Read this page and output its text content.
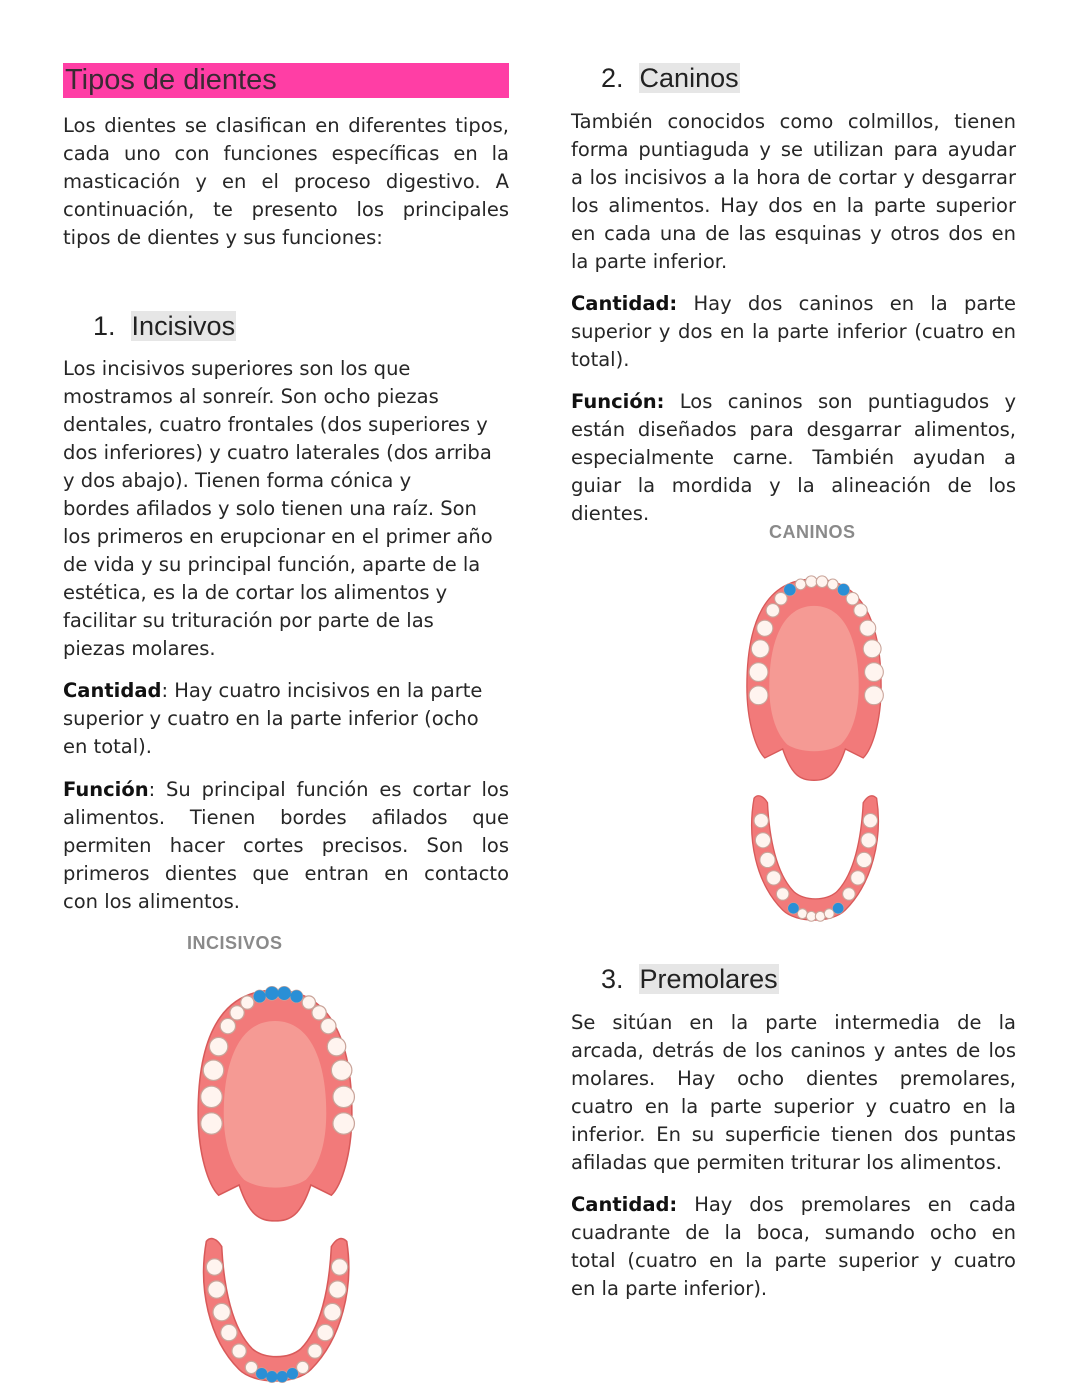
Tipos de dientes
Los dientes se clasifican en diferentes tipos,
cada uno con funciones específicas en la
masticación y en el proceso digestivo. A
continuación, te presento los principales
tipos de dientes y sus funciones:
1. Incisivos
Los incisivos superiores son los que
mostramos al sonreír. Son ocho piezas
dentales, cuatro frontales (dos superiores y
dos inferiores) y cuatro laterales (dos arriba
y dos abajo). Tienen forma cónica y
bordes afilados y solo tienen una raíz. Son
los primeros en erupcionar en el primer año
de vida y su principal función, aparte de la
estética, es la de cortar los alimentos y
facilitar su trituración por parte de las
piezas molares.
Cantidad: Hay cuatro incisivos en la parte
superior y cuatro en la parte inferior (ocho
en total).
Función: Su principal función es cortar los
alimentos. Tienen bordes afilados que
permiten hacer cortes precisos. Son los
primeros dientes que entran en contacto
con los alimentos.
INCISIVOS
2. Caninos
También conocidos como colmillos, tienen
forma puntiaguda y se utilizan para ayudar
a los incisivos a la hora de cortar y desgarrar
los alimentos. Hay dos en la parte superior
en cada una de las esquinas y otros dos en
la parte inferior.
Cantidad: Hay dos caninos en la parte
superior y dos en la parte inferior (cuatro en
total).
Función: Los caninos son puntiagudos y
están diseñados para desgarrar alimentos,
especialmente carne. También ayudan a
guiar la mordida y la alineación de los
dientes.
CANINOS
3. Premolares
Se sitúan en la parte intermedia de la
arcada, detrás de los caninos y antes de los
molares. Hay ocho dientes premolares,
cuatro en la parte superior y cuatro en la
inferior. En su superficie tienen dos puntas
afiladas que permiten triturar los alimentos.
Cantidad: Hay dos premolares en cada
cuadrante de la boca, sumando ocho en
total (cuatro en la parte superior y cuatro
en la parte inferior).
